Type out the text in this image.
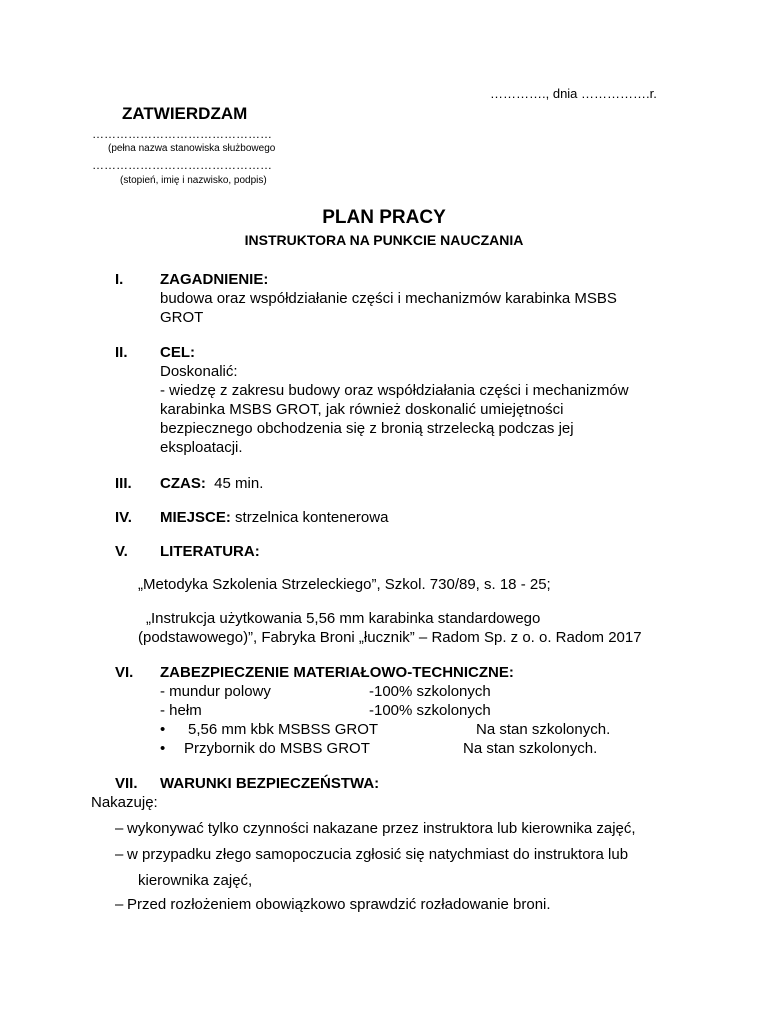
…………., dnia …………….r.
ZATWIERDZAM
………………………………………
(pełna nazwa stanowiska służbowego
………………………………………
(stopień, imię i nazwisko, podpis)
PLAN PRACY
INSTRUKTORA NA PUNKCIE NAUCZANIA
I. ZAGADNIENIE:

budowa oraz współdziałanie części i mechanizmów karabinka MSBS

GROT

II. CEL:

Doskonalić:

- wiedzę z zakresu budowy oraz współdziałania części i mechanizmów

karabinka MSBS GROT, jak również doskonalić umiejętności

bezpiecznego obchodzenia się z bronią strzelecką podczas jej

eksploatacji.

III. CZAS: 45 min.

IV. MIEJSCE: strzelnica kontenerowa

V. LITERATURA:
„Metodyka Szkolenia Strzeleckiego”, Szkol. 730/89, s. 18 - 25;
„Instrukcja użytkowania 5,56 mm karabinka standardowego
(podstawowego)”, Fabryka Broni „łucznik” – Radom Sp. z o. o. Radom 2017
VI. ZABEZPIECZENIE MATERIAŁOWO-TECHNICZNE:
- mundur polowy	-100% szkolonych
- hełm	-100% szkolonych
• 5,56 mm kbk MSBSS GROT	Na stan szkolonych.
• Przybornik do MSBS GROT	Na stan szkolonych.
VII. WARUNKI BEZPIECZEŃSTWA:
Nakazuję:
– wykonywać tylko czynności nakazane przez instruktora lub kierownika zajęć,
– w przypadku złego samopoczucia zgłosić się natychmiast do instruktora lub
kierownika zajęć,
– Przed rozłożeniem obowiązkowo sprawdzić rozładowanie broni.
